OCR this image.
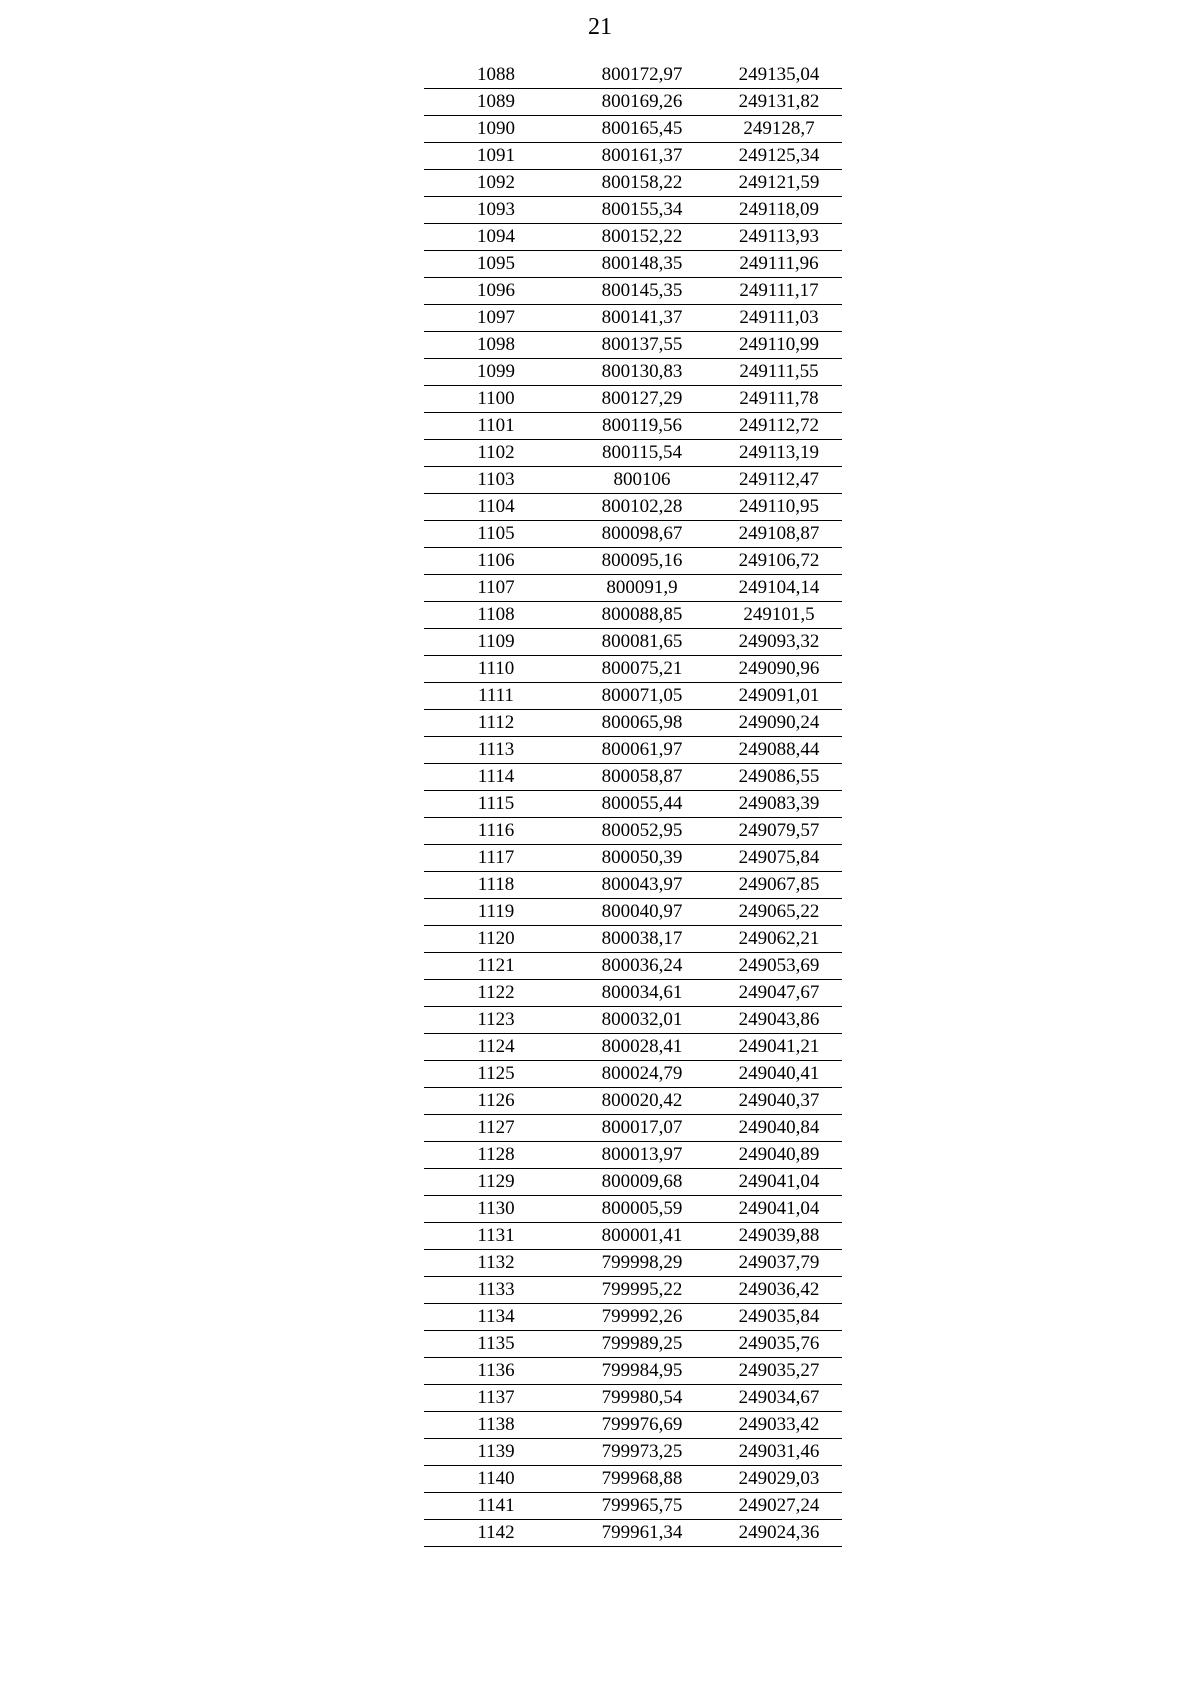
21
1088	800172,97	249135,04
1089	800169,26	249131,82
1090	800165,45	249128,7
1091	800161,37	249125,34
1092	800158,22	249121,59
1093	800155,34	249118,09
1094	800152,22	249113,93
1095	800148,35	249111,96
1096	800145,35	249111,17
1097	800141,37	249111,03
1098	800137,55	249110,99
1099	800130,83	249111,55
1100	800127,29	249111,78
1101	800119,56	249112,72
1102	800115,54	249113,19
1103	800106	249112,47
1104	800102,28	249110,95
1105	800098,67	249108,87
1106	800095,16	249106,72
1107	800091,9	249104,14
1108	800088,85	249101,5
1109	800081,65	249093,32
1110	800075,21	249090,96
1111	800071,05	249091,01
1112	800065,98	249090,24
1113	800061,97	249088,44
1114	800058,87	249086,55
1115	800055,44	249083,39
1116	800052,95	249079,57
1117	800050,39	249075,84
1118	800043,97	249067,85
1119	800040,97	249065,22
1120	800038,17	249062,21
1121	800036,24	249053,69
1122	800034,61	249047,67
1123	800032,01	249043,86
1124	800028,41	249041,21
1125	800024,79	249040,41
1126	800020,42	249040,37
1127	800017,07	249040,84
1128	800013,97	249040,89
1129	800009,68	249041,04
1130	800005,59	249041,04
1131	800001,41	249039,88
1132	799998,29	249037,79
1133	799995,22	249036,42
1134	799992,26	249035,84
1135	799989,25	249035,76
1136	799984,95	249035,27
1137	799980,54	249034,67
1138	799976,69	249033,42
1139	799973,25	249031,46
1140	799968,88	249029,03
1141	799965,75	249027,24
1142	799961,34	249024,36
